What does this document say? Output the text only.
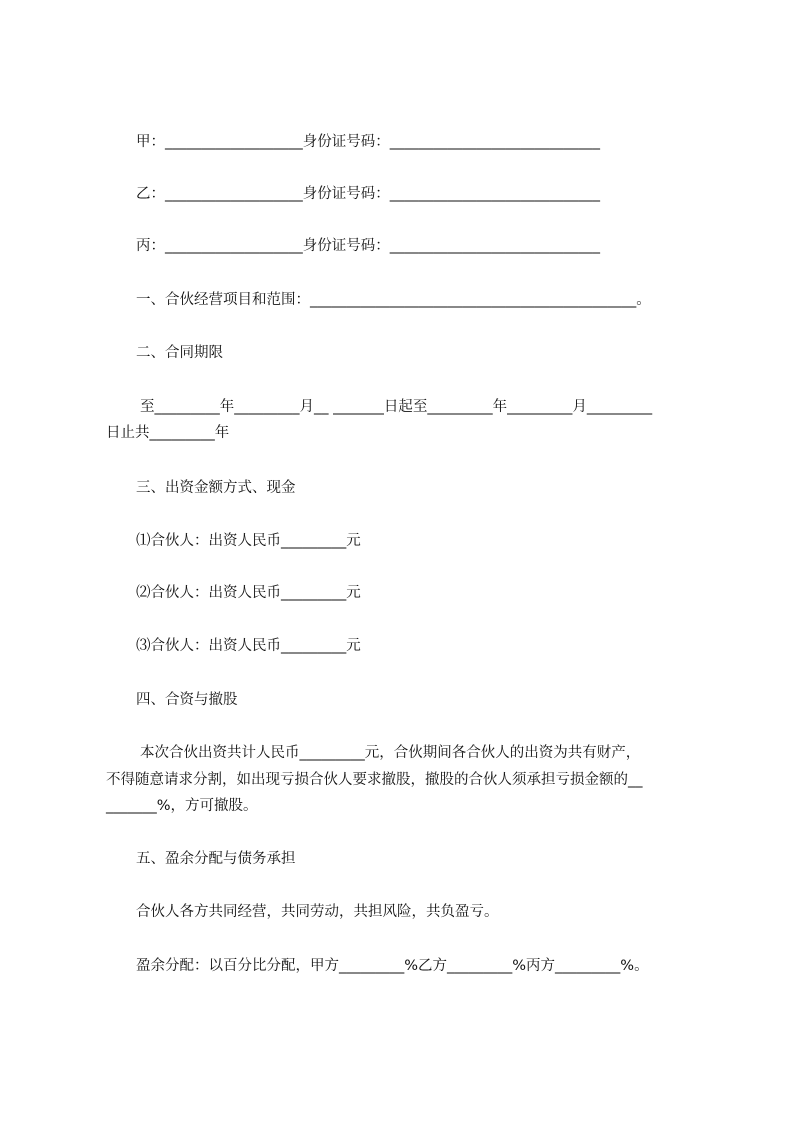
甲：___________________身份证号码：_____________________________
乙：___________________身份证号码：_____________________________
丙：___________________身份证号码：_____________________________
一、合伙经营项目和范围：_____________________________________________。
二、合同期限
至_________年_________月__ _______日起至_________年_________月_________
日止共_________年
三、出资金额方式、现金
⑴合伙人：出资人民币_________元
⑵合伙人：出资人民币_________元
⑶合伙人：出资人民币_________元
四、合资与撤股
本次合伙出资共计人民币_________元，合伙期间各合伙人的出资为共有财产，
不得随意请求分割，如出现亏损合伙人要求撤股，撤股的合伙人须承担亏损金额的__
_______%，方可撤股。
五、盈余分配与债务承担
合伙人各方共同经营，共同劳动，共担风险，共负盈亏。
盈余分配：以百分比分配，甲方_________%乙方_________%丙方_________%。
